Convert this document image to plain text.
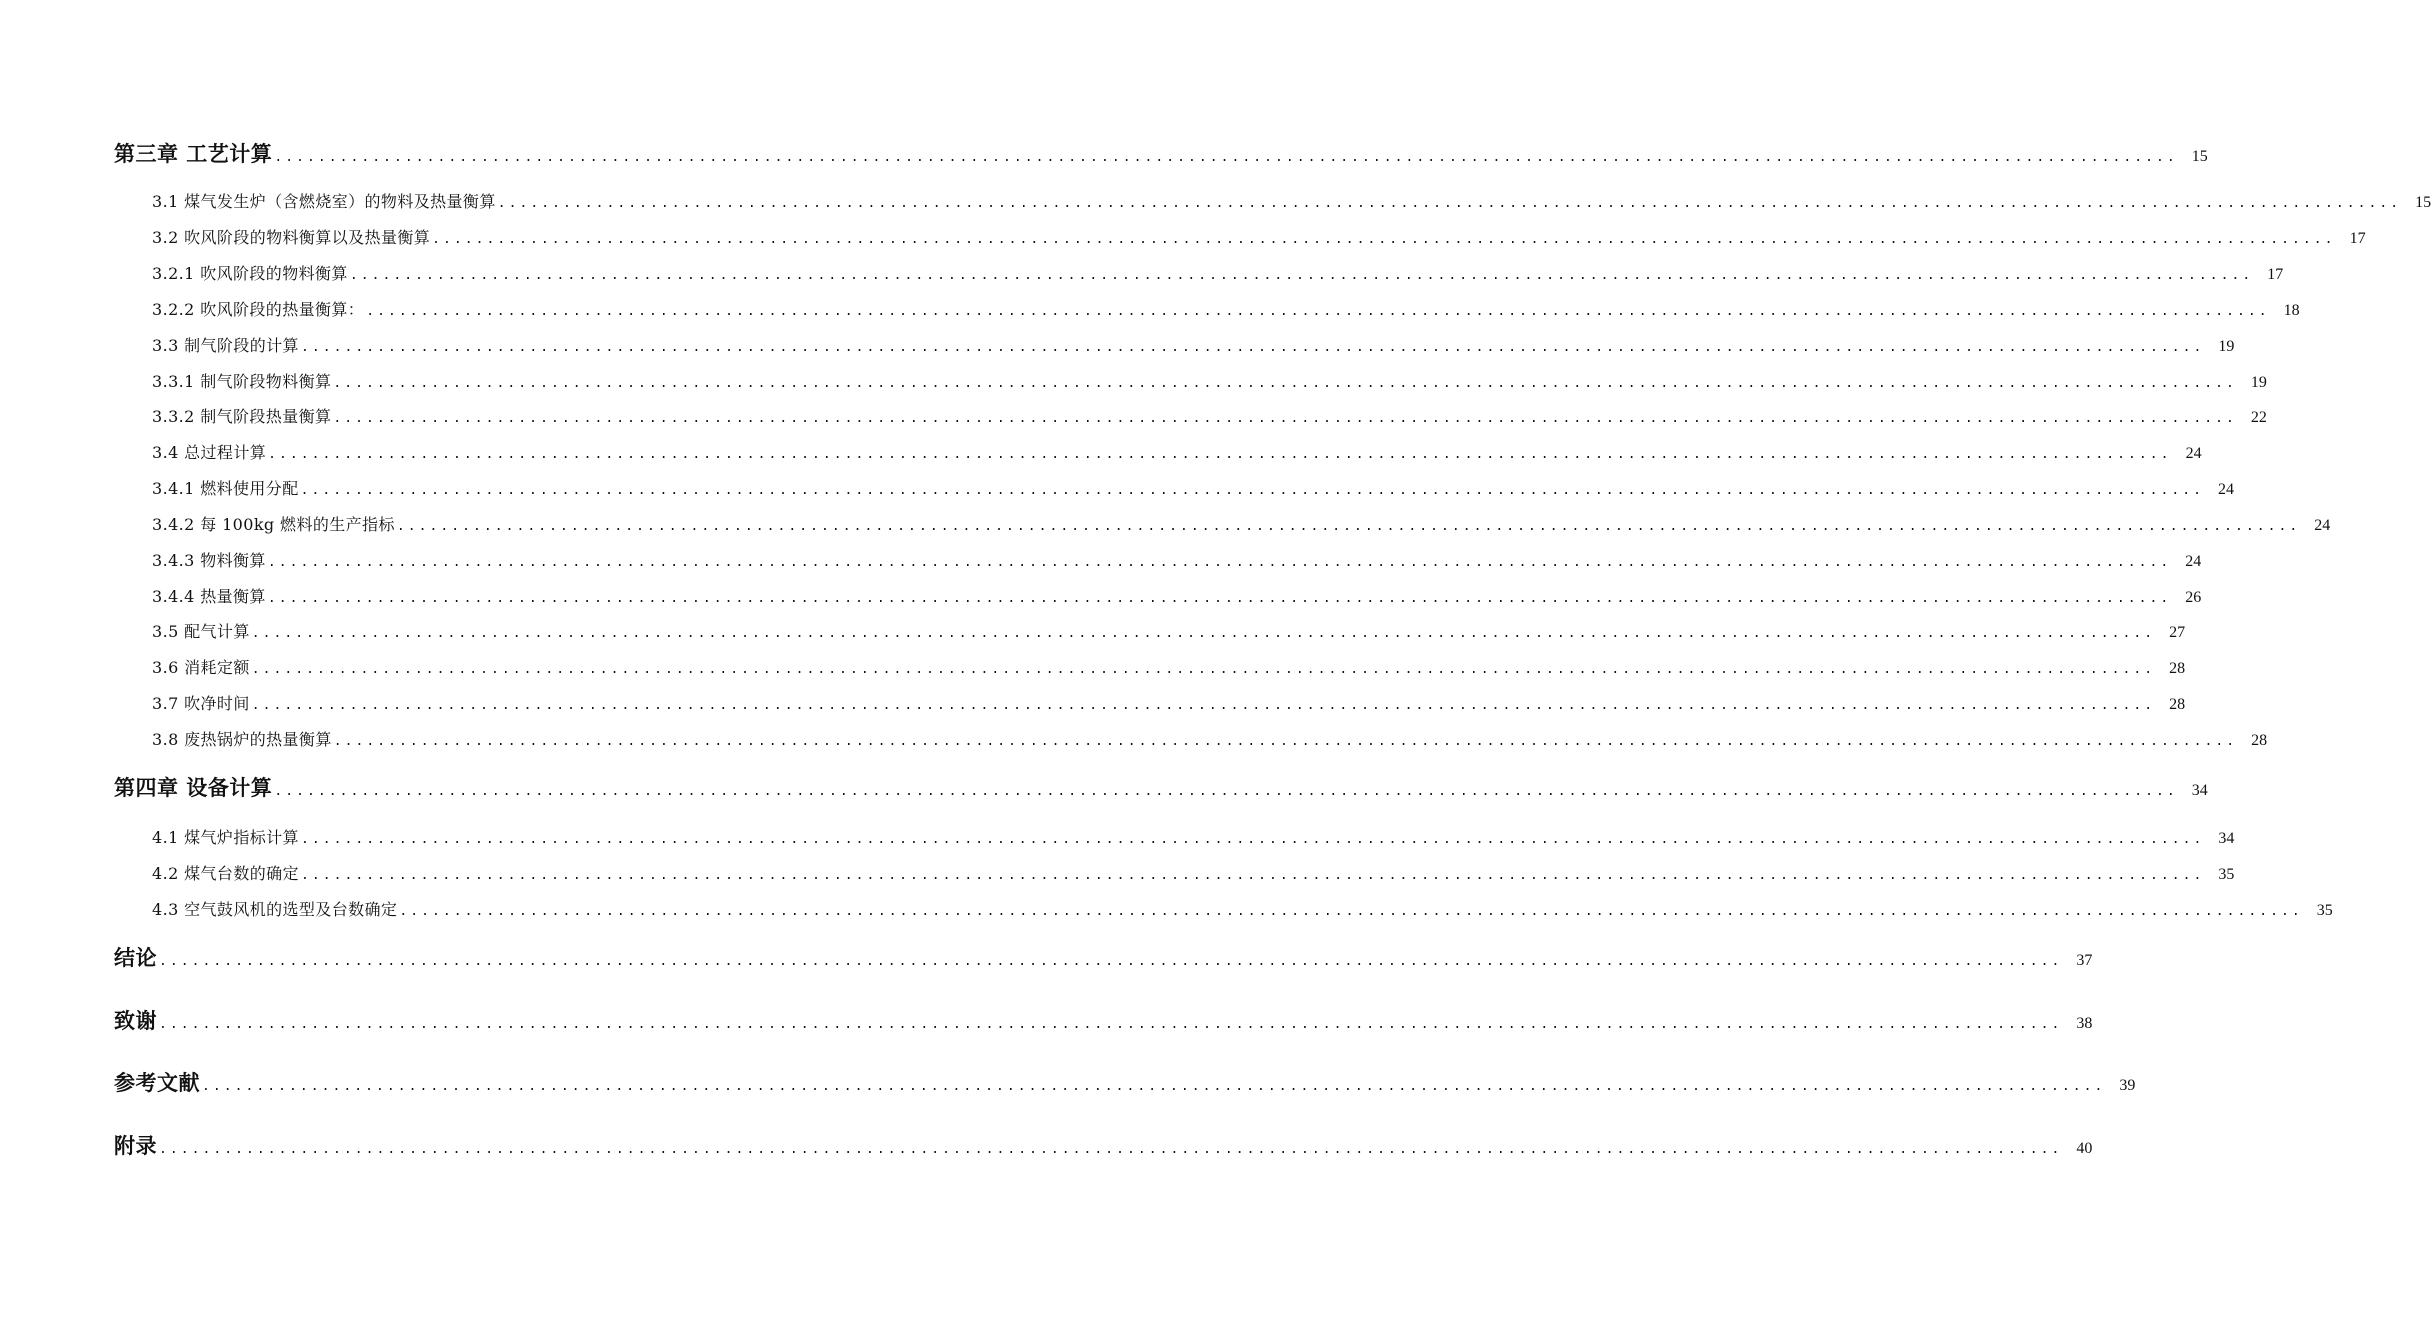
第三章 工艺计算 ............................................................................................................................................................................... 15
3.1 煤气发生炉（含燃烧室）的物料及热量衡算 ............................................................................................................................................................................... 15
3.2 吹风阶段的物料衡算以及热量衡算 ............................................................................................................................................................................... 17
3.2.1 吹风阶段的物料衡算 ............................................................................................................................................................................... 17
3.2.2 吹风阶段的热量衡算： ............................................................................................................................................................................... 18
3.3 制气阶段的计算 ............................................................................................................................................................................... 19
3.3.1 制气阶段物料衡算 ............................................................................................................................................................................... 19
3.3.2 制气阶段热量衡算 ............................................................................................................................................................................... 22
3.4 总过程计算 ............................................................................................................................................................................... 24
3.4.1 燃料使用分配 ............................................................................................................................................................................... 24
3.4.2 每 100kg 燃料的生产指标 ............................................................................................................................................................................... 24
3.4.3 物料衡算 ............................................................................................................................................................................... 24
3.4.4 热量衡算 ............................................................................................................................................................................... 26
3.5 配气计算 ............................................................................................................................................................................... 27
3.6 消耗定额 ............................................................................................................................................................................... 28
3.7 吹净时间 ............................................................................................................................................................................... 28
3.8 废热锅炉的热量衡算 ............................................................................................................................................................................... 28
第四章 设备计算 ............................................................................................................................................................................... 34
4.1 煤气炉指标计算 ............................................................................................................................................................................... 34
4.2 煤气台数的确定 ............................................................................................................................................................................... 35
4.3 空气鼓风机的选型及台数确定 ............................................................................................................................................................................... 35
结论 ............................................................................................................................................................................... 37
致谢 ............................................................................................................................................................................... 38
参考文献 ............................................................................................................................................................................... 39
附录 ............................................................................................................................................................................... 40
